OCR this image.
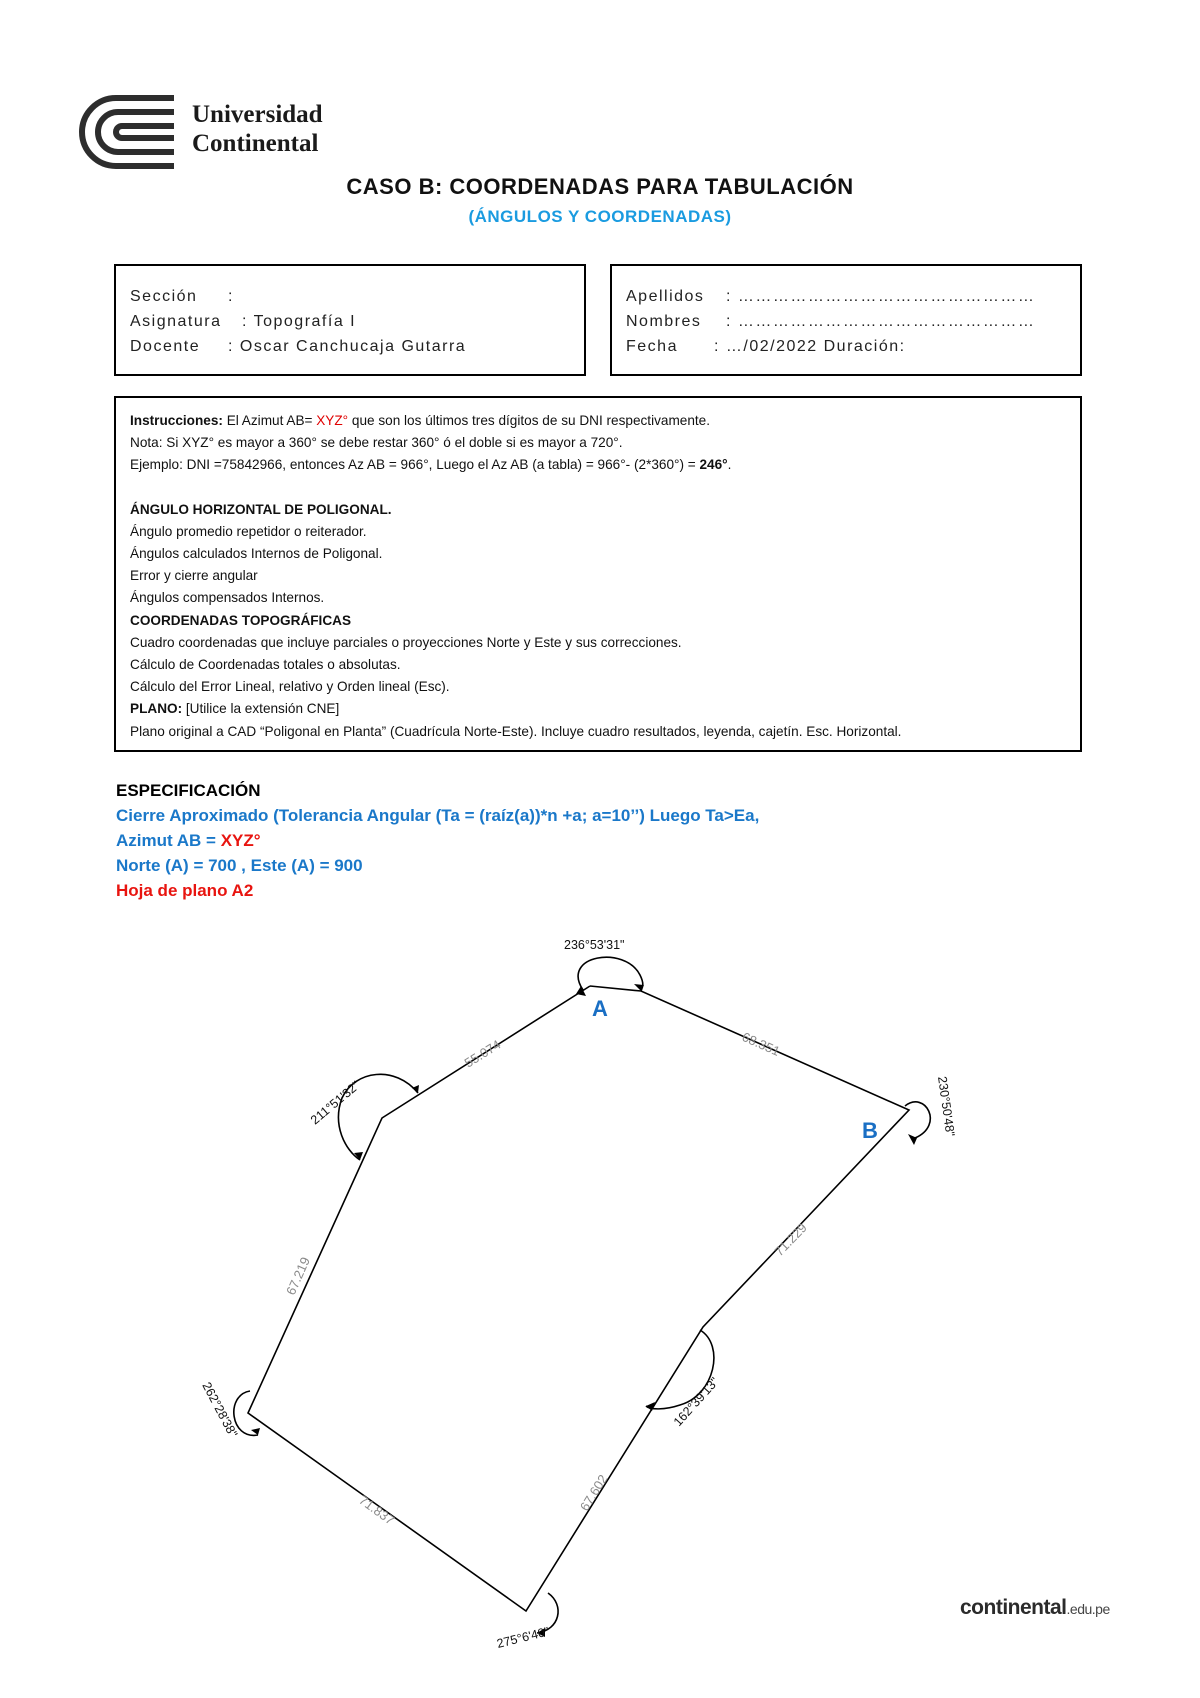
Universidad
Continental
CASO B: COORDENADAS PARA TABULACIÓN
(ÁNGULOS Y COORDENADAS)
Sección :
Asignatura : Topografía I
Docente : Oscar Canchucaja Gutarra
Apellidos : ……………………………………………
Nombres : ……………………………………………
Fecha : …/02/2022 Duración:
Instrucciones: El Azimut AB= XYZ° que son los últimos tres dígitos de su DNI respectivamente.
Nota: Si XYZ° es mayor a 360° se debe restar 360° ó el doble si es mayor a 720°.
Ejemplo: DNI =75842966, entonces Az AB = 966°, Luego el Az AB (a tabla) = 966°- (2*360°) = 246°.
ÁNGULO HORIZONTAL DE POLIGONAL.
Ángulo promedio repetidor o reiterador.
Ángulos calculados Internos de Poligonal.
Error y cierre angular
Ángulos compensados Internos.
COORDENADAS TOPOGRÁFICAS
Cuadro coordenadas que incluye parciales o proyecciones Norte y Este y sus correcciones.
Cálculo de Coordenadas totales o absolutas.
Cálculo del Error Lineal, relativo y Orden lineal (Esc).
PLANO: [Utilice la extensión CNE]
Plano original a CAD “Poligonal en Planta” (Cuadrícula Norte-Este). Incluye cuadro resultados, leyenda, cajetín. Esc. Horizontal.
ESPECIFICACIÓN
Cierre Aproximado (Tolerancia Angular (Ta = (raíz(a))*n +a; a=10’’) Luego Ta>Ea,
Azimut AB = XYZ°
Norte (A) = 700 , Este (A) = 900
Hoja de plano A2
A
B
55.074	68.351
71.229
67.219
71.837	67.602
236°53'31"
230°50'48"
211°51'32"
162°39'13"
262°28'38"
275°6'40"
continental.edu.pe
